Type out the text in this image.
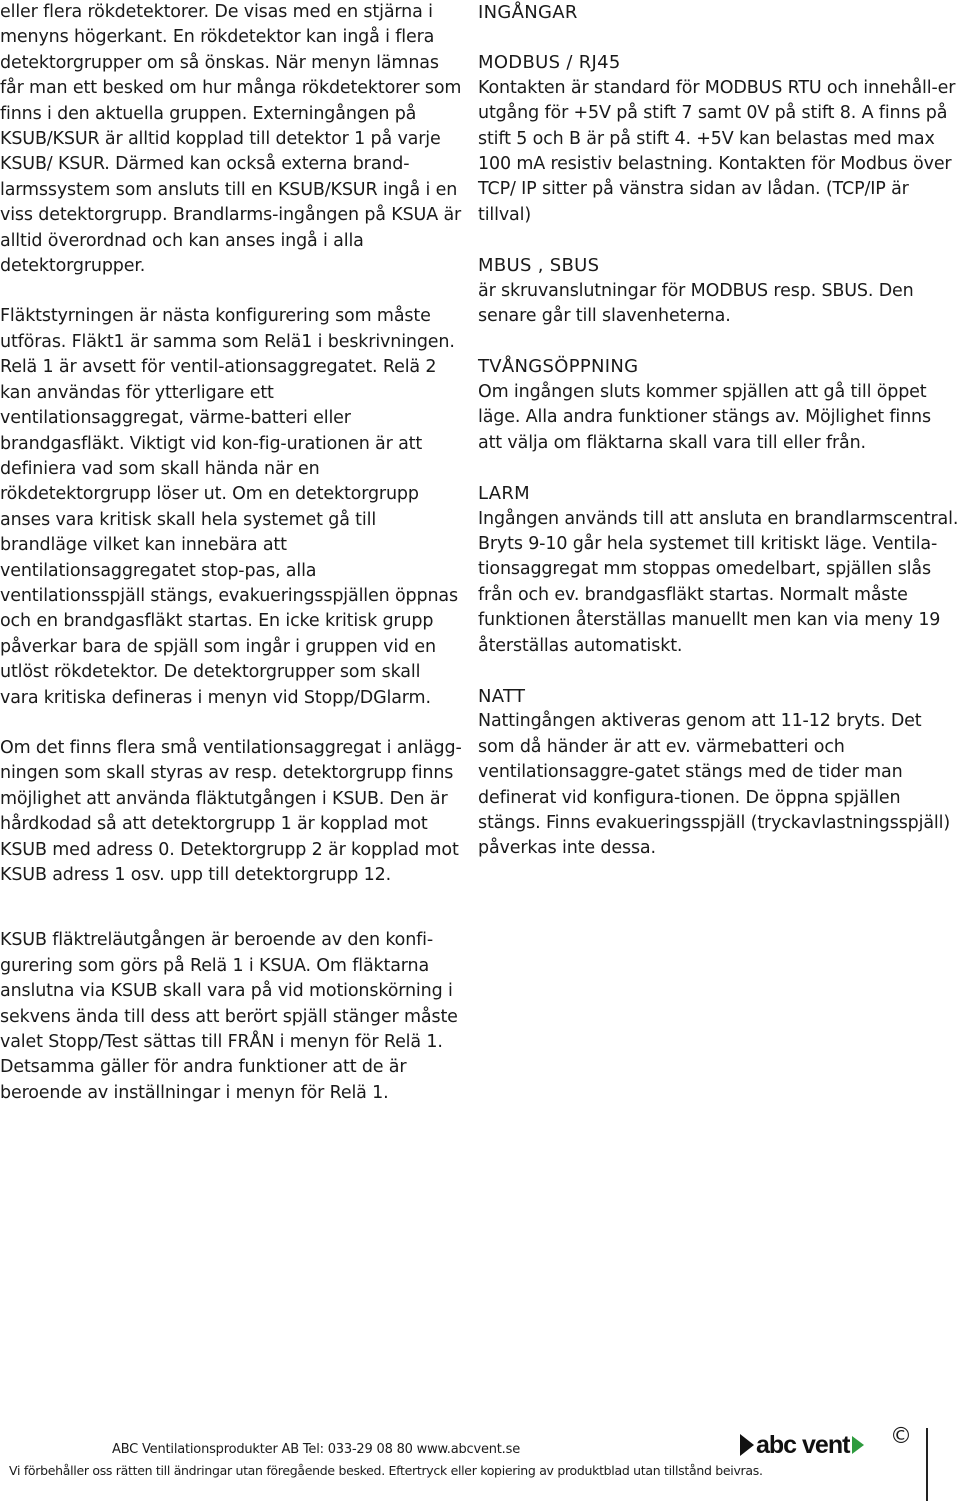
eller flera rökdetektorer. De visas med en stjärna i menyns högerkant. En rökdetektor kan ingå i flera detektorgrupper om så önskas. När menyn lämnas får man ett besked om hur många rökdetektorer som finns i den aktuella gruppen. Externingången på KSUB/KSUR är alltid kopplad till detektor 1 på varje KSUB/ KSUR. Därmed kan också externa brand-larmssystem som ansluts till en KSUB/KSUR ingå i en viss detektorgrupp. Brandlarms-ingången på KSUA är alltid överordnad och kan anses ingå i alla detektorgrupper.

Fläktstyrningen är nästa konfigurering som måste utföras. Fläkt1 är samma som Relä1 i beskrivningen. Relä 1 är avsett för ventil-ationsaggregatet. Relä 2 kan användas för ytterligare ett ventilationsaggregat, värme-batteri eller brandgasfläkt. Viktigt vid kon-fig-urationen är att definiera vad som skall hända när en rökdetektorgrupp löser ut. Om en detektorgrupp anses vara kritisk skall hela systemet gå till brandläge vilket kan innebära att ventilationsaggregatet stop-pas, alla ventilationsspjäll stängs, evakueringsspjällen öppnas och en brandgasfläkt startas. En icke kritisk grupp påverkar bara de spjäll som ingår i gruppen vid en utlöst rökdetektor. De detektorgrupper som skall vara kritiska defineras i menyn vid Stopp/DGlarm.

Om det finns flera små ventilationsaggregat i anlägg-ningen som skall styras av resp. detektorgrupp finns möjlighet att använda fläktutgången i KSUB. Den är hårdkodad så att detektorgrupp 1 är kopplad mot KSUB med adress 0. Detektorgrupp 2 är kopplad mot KSUB adress 1 osv. upp till detektorgrupp 12.

KSUB fläktreläutgången är beroende av den konfi-gurering som görs på Relä 1 i KSUA. Om fläktarna anslutna via KSUB skall vara på vid motionskörning i sekvens ända till dess att berört spjäll stänger måste valet Stopp/Test sättas till FRÅN i menyn för Relä 1. Detsamma gäller för andra funktioner att de är beroende av inställningar i menyn för Relä 1.

INGÅNGAR
MODBUS / RJ45

Kontakten är standard för MODBUS RTU och innehåll-er utgång för +5V på stift 7 samt 0V på stift 8. A finns på stift 5 och B är på stift 4. +5V kan belastas med max 100 mA resistiv belastning. Kontakten för Modbus över TCP/ IP sitter på vänstra sidan av lådan. (TCP/IP är tillval)

MBUS , SBUS

är skruvanslutningar för MODBUS resp. SBUS. Den senare går till slavenheterna.

TVÅNGSÖPPNING

Om ingången sluts kommer spjällen att gå till öppet läge. Alla andra funktioner stängs av. Möjlighet finns att välja om fläktarna skall vara till eller från.

LARM

Ingången används till att ansluta en brandlarmscentral. Bryts 9-10 går hela systemet till kritiskt läge. Ventila-tionsaggregat mm stoppas omedelbart, spjällen slås från och ev. brandgasfläkt startas. Normalt måste funktionen återställas manuellt men kan via meny 19 återställas automatiskt.

NATT

Nattingången aktiveras genom att 11-12 bryts. Det som då händer är att ev. värmebatteri och ventilationsaggre-gatet stängs med de tider man definerat vid konfigura-tionen. De öppna spjällen stängs. Finns evakueringsspjäll (tryckavlastningsspjäll) påverkas inte dessa.

ABC Ventilationsprodukter AB Tel: 033-29 08 80 www.abcvent.se
Vi förbehåller oss rätten till ändringar utan föregående besked. Eftertryck eller kopiering av produktblad utan tillstånd beivras.
abc vent ©
